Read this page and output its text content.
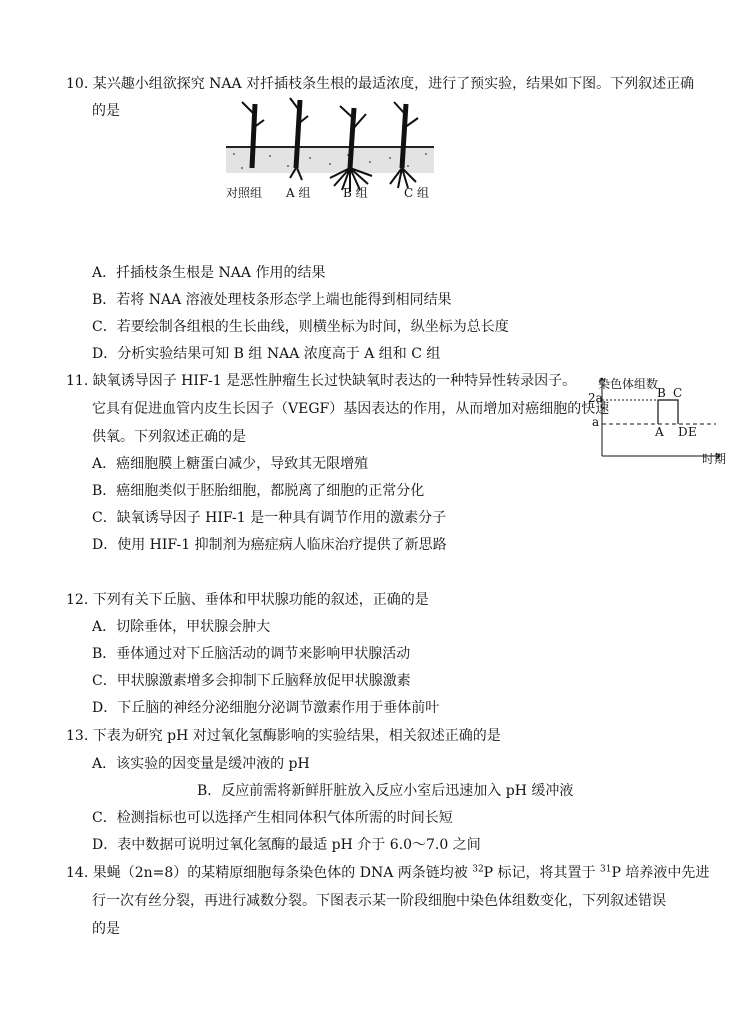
10. 某兴趣小组欲探究 NAA 对扦插枝条生根的最适浓度，进行了预实验，结果如下图。下列叙述正确
的是
对照组 A 组	B 组	C 组
A．扦插枝条生根是 NAA 作用的结果
B．若将 NAA 溶液处理枝条形态学上端也能得到相同结果
C．若要绘制各组根的生长曲线，则横坐标为时间，纵坐标为总长度
D．分析实验结果可知 B 组 NAA 浓度高于 A 组和 C 组
11. 缺氧诱导因子 HIF-1 是恶性肿瘤生长过快缺氧时表达的一种特异性转录因子。
它具有促进血管内皮生长因子（VEGF）基因表达的作用，从而增加对癌细胞的快速
供氧。下列叙述正确的是
A．癌细胞膜上糖蛋白减少，导致其无限增殖
B．癌细胞类似于胚胎细胞，都脱离了细胞的正常分化
C．缺氧诱导因子 HIF-1 是一种具有调节作用的激素分子
D．使用 HIF-1 抑制剂为癌症病人临床治疗提供了新思路
染色体组数
2a
a
A
B C
D E
时期
12. 下列有关下丘脑、垂体和甲状腺功能的叙述，正确的是
A．切除垂体，甲状腺会肿大
B．垂体通过对下丘脑活动的调节来影响甲状腺活动
C．甲状腺激素增多会抑制下丘脑释放促甲状腺激素
D．下丘脑的神经分泌细胞分泌调节激素作用于垂体前叶
13. 下表为研究 pH 对过氧化氢酶影响的实验结果，相关叙述正确的是
A．该实验的因变量是缓冲液的 pH
B．反应前需将新鲜肝脏放入反应小室后迅速加入 pH 缓冲液
C．检测指标也可以选择产生相同体积气体所需的时间长短
D．表中数据可说明过氧化氢酶的最适 pH 介于 6.0～7.0 之间
14. 果蝇（2n=8）的某精原细胞每条染色体的 DNA 两条链均被 $^{32}$P 标记，将其置于 $^{31}$P 培养液中先进
行一次有丝分裂，再进行减数分裂。下图表示某一阶段细胞中染色体组数变化，下列叙述错误
的是
